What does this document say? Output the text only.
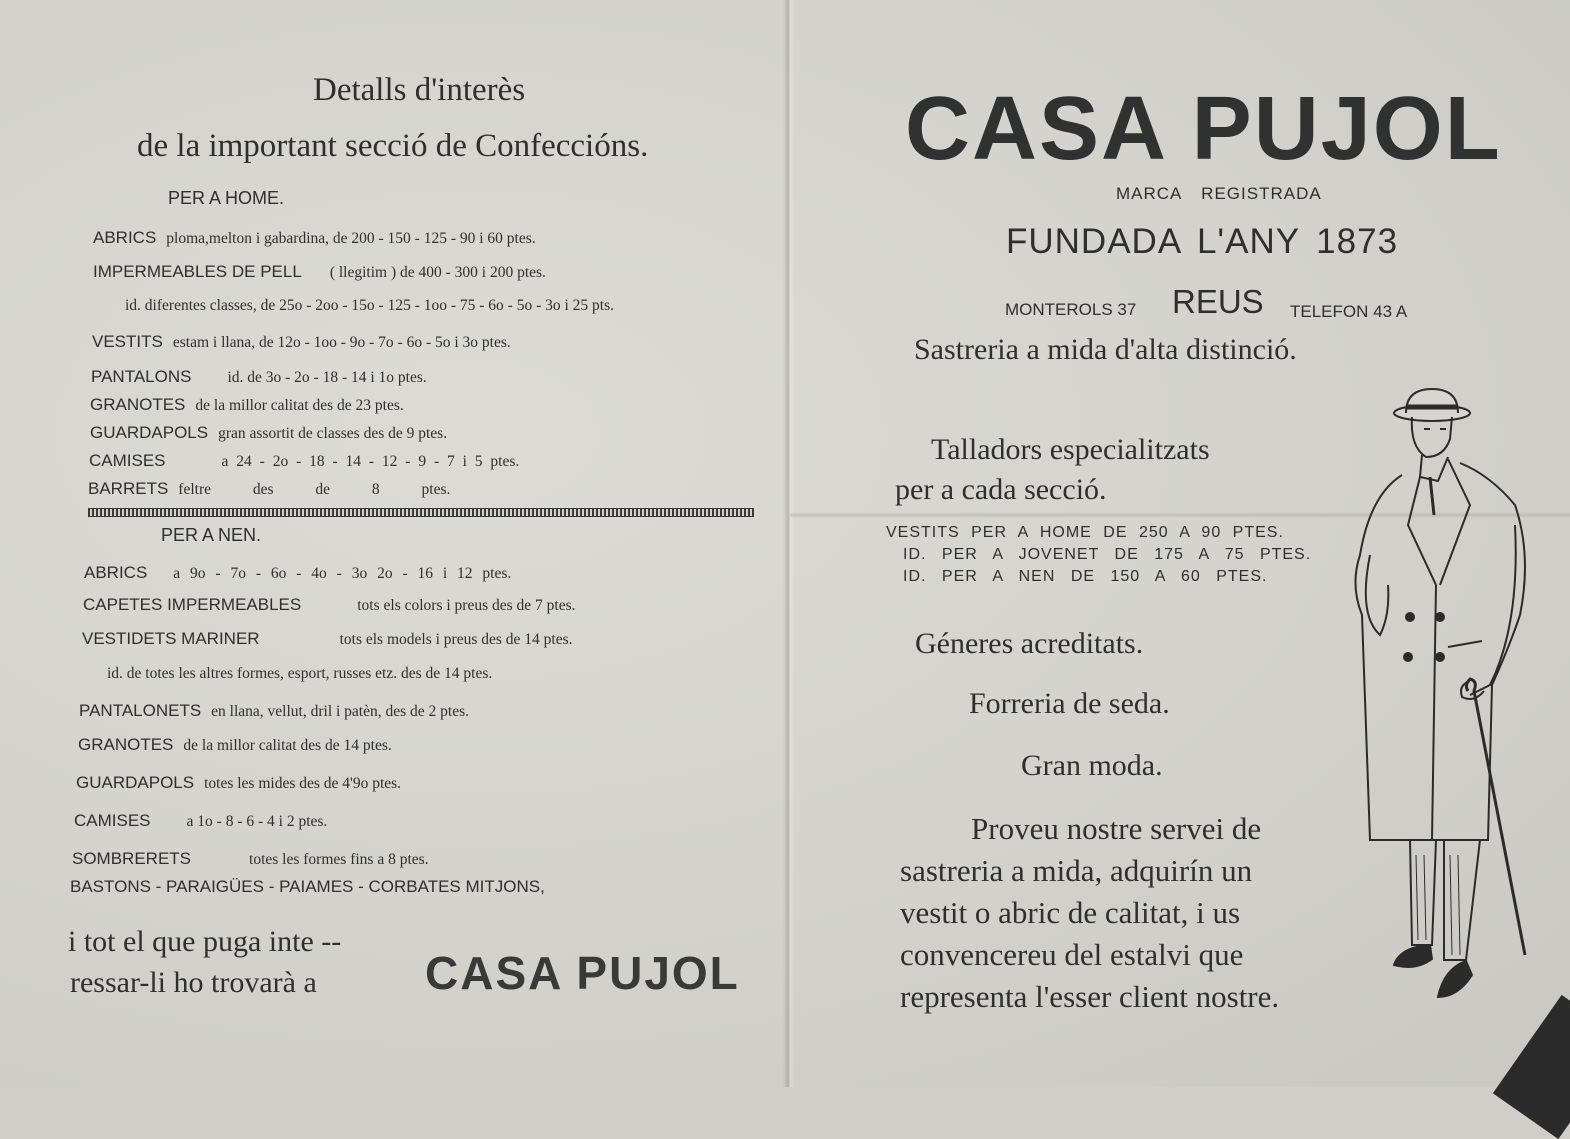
Detalls d'interès
de la important secció de Confeccións.
PER A HOME.
ABRICS ploma,melton i gabardina, de 200 - 150 - 125 - 90 i 60 ptes.
IMPERMEABLES DE PELL ( llegitim ) de 400 - 300 i 200 ptes.
id. diferentes classes, de 25o - 2oo - 15o - 125 - 1oo - 75 - 6o - 5o - 3o i 25 pts.
VESTITS estam i llana, de 12o - 1oo - 9o - 7o - 6o - 5o i 3o ptes.
PANTALONS id. de 3o - 2o - 18 - 14 i 1o ptes.
GRANOTES de la millor calitat des de 23 ptes.
GUARDAPOLS gran assortit de classes des de 9 ptes.
CAMISES	a 24 - 2o - 18 - 14 - 12 - 9 - 7 i 5 ptes.
BARRETS feltre des de 8 ptes.
PER A NEN.
ABRICS a 9o - 7o - 6o - 4o - 3o 2o - 16 i 12 ptes.
CAPETES IMPERMEABLES	tots els colors i preus des de 7 ptes.
VESTIDETS MARINER	tots els models i preus des de 14 ptes.
id. de totes les altres formes, esport, russes etz. des de 14 ptes.
PANTALONETS en llana, vellut, dril i patèn, des de 2 ptes.
GRANOTES de la millor calitat des de 14 ptes.
GUARDAPOLS totes les mides des de 4'9o ptes.
CAMISES a 1o - 8 - 6 - 4 i 2 ptes.
SOMBRERETS	totes les formes fins a 8 ptes.
BASTONS - PARAIGÜES - PAIAMES - CORBATES MITJONS,
i tot el que puga inte --
ressar-li ho trovarà a CASA PUJOL
CASA PUJOL
MARCA REGISTRADA
FUNDADA L'ANY 1873
MONTEROLS 37 REUS TELEFON 43 A
Sastreria a mida d'alta distinció.
Talladors especialitzats
per a cada secció.
VESTITS PER A HOME DE 250 A 90 PTES.
ID. PER A JOVENET DE 175 A 75 PTES.
ID. PER A NEN DE 150 A 60 PTES.
Géneres acreditats.
Forreria de seda.
Gran moda.
Proveu nostre servei de
sastreria a mida, adquirín un
vestit o abric de calitat, i us
convencereu del estalvi que
representa l'esser client nostre.
